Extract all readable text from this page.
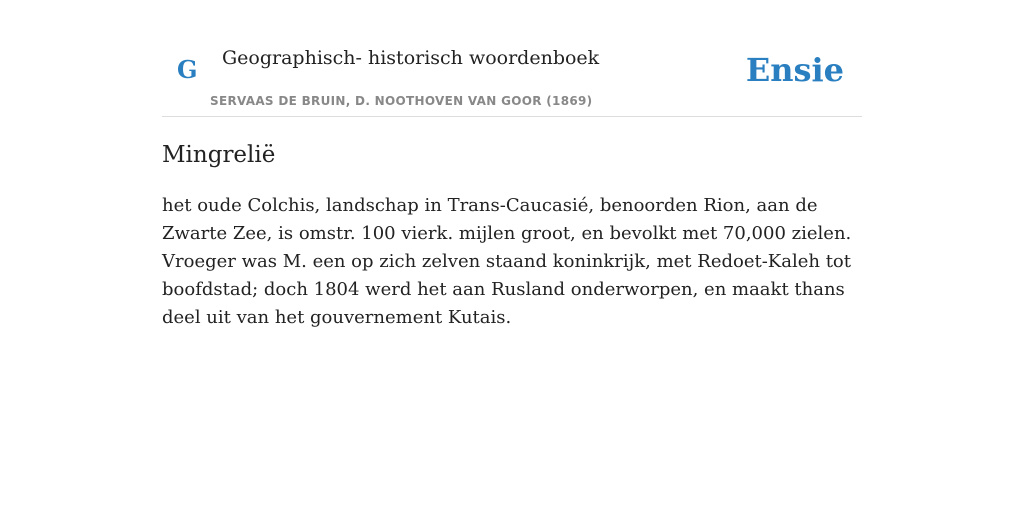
G Geographisch- historisch woordenboek
SERVAAS DE BRUIN, D. NOOTHOVEN VAN GOOR (1869)
Ensie
Mingrelië

het oude Colchis, landschap in Trans-Caucasié, benoorden Rion, aan de Zwarte Zee, is omstr. 100 vierk. mijlen groot, en bevolkt met 70,000 zielen. Vroeger was M. een op zich zelven staand koninkrijk, met Redoet-Kaleh tot boofdstad; doch 1804 werd het aan Rusland onderworpen, en maakt thans deel uit van het gouvernement Kutais.
